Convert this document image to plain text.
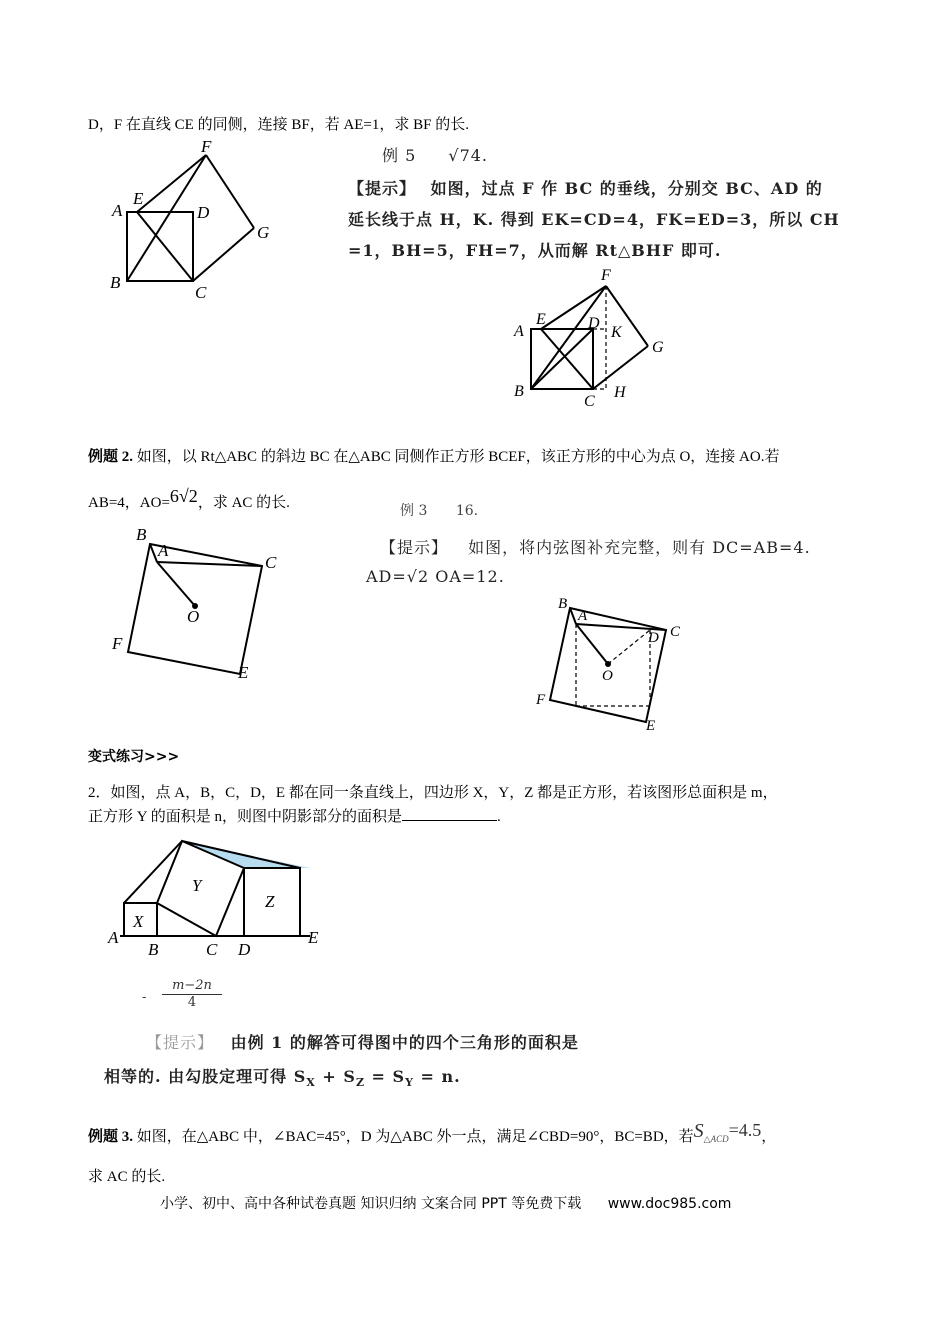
D，F 在直线 CE 的同侧，连接 BF，若 AE=1，求 BF 的长.
A
E
D
F
G
B
C
例 5 √74.
【提示】 如图，过点 F 作 BC 的垂线，分别交 BC、AD 的
延长线于点 H，K. 得到 EK=CD=4，FK=ED=3，所以 CH
=1，BH=5，FH=7，从而解 Rt△BHF 即可.
A
E	D
F
K
G
B
C
H
例题 2. 如图，以 Rt△ABC 的斜边 BC 在△ABC 同侧作正方形 BCEF，该正方形的中心为点 O，连接 AO.若
AB=4，AO=6√2，求 AC 的长.
B
A
C
O
F
E
例 3 16.
【提示】 如图，将内弦图补充完整，则有 DC=AB=4.
AD=√2 OA=12.
B
A
C
D
O
F
E
变式练习>>>
2．如图，点 A，B，C，D，E 都在同一条直线上，四边形 X，Y，Z 都是正方形，若该图形总面积是 m，
正方形 Y 的面积是 n，则图中阴影部分的面积是	.
X
Y
Z
A
B	C D
E
- $\frac{m-2n}{4}$
【提示】 由例 1 的解答可得图中的四个三角形的面积是
相等的. 由勾股定理可得 $S_X + S_Z = S_Y = n$.
例题 3. 如图，在△ABC 中，∠BAC=45°，D 为△ABC 外一点，满足∠CBD=90°，BC=BD，若$S_{\triangle ACD}=4.5$，
求 AC 的长.
小学、初中、高中各种试卷真题 知识归纳 文案合同 PPT 等免费下载 www.doc985.com
